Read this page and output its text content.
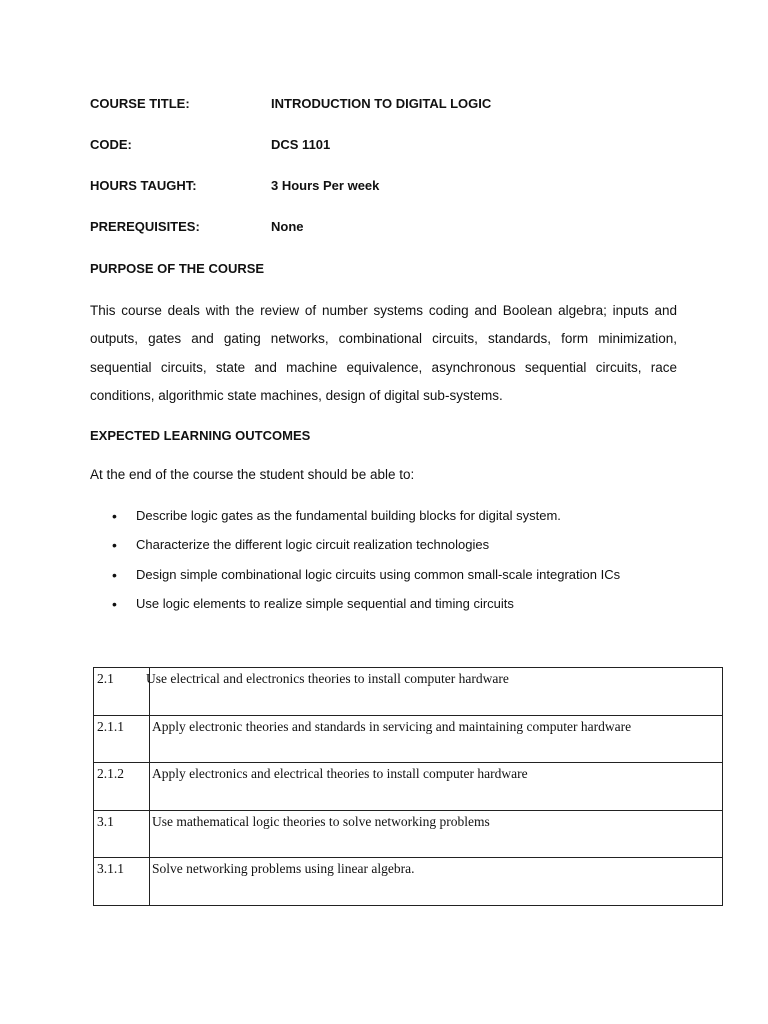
COURSE TITLE:	INTRODUCTION TO DIGITAL LOGIC
CODE:	DCS 1101
HOURS TAUGHT:	3 Hours Per week
PREREQUISITES:	None
PURPOSE OF THE COURSE
This course deals with the review of number systems coding and Boolean algebra; inputs and outputs, gates and gating networks, combinational circuits, standards, form minimization, sequential circuits, state and machine equivalence, asynchronous sequential circuits, race conditions, algorithmic state machines, design of digital sub-systems.
EXPECTED LEARNING OUTCOMES
At the end of the course the student should be able to:
• Describe logic gates as the fundamental building blocks for digital system.
• Characterize the different logic circuit realization technologies
• Design simple combinational logic circuits using common small-scale integration ICs
• Use logic elements to realize simple sequential and timing circuits
2.1	Use electrical and electronics theories to install computer hardware
2.1.1	Apply electronic theories and standards in servicing and maintaining computer hardware
2.1.2	Apply electronics and electrical theories to install computer hardware
3.1	Use mathematical logic theories to solve networking problems
3.1.1	Solve networking problems using linear algebra.
